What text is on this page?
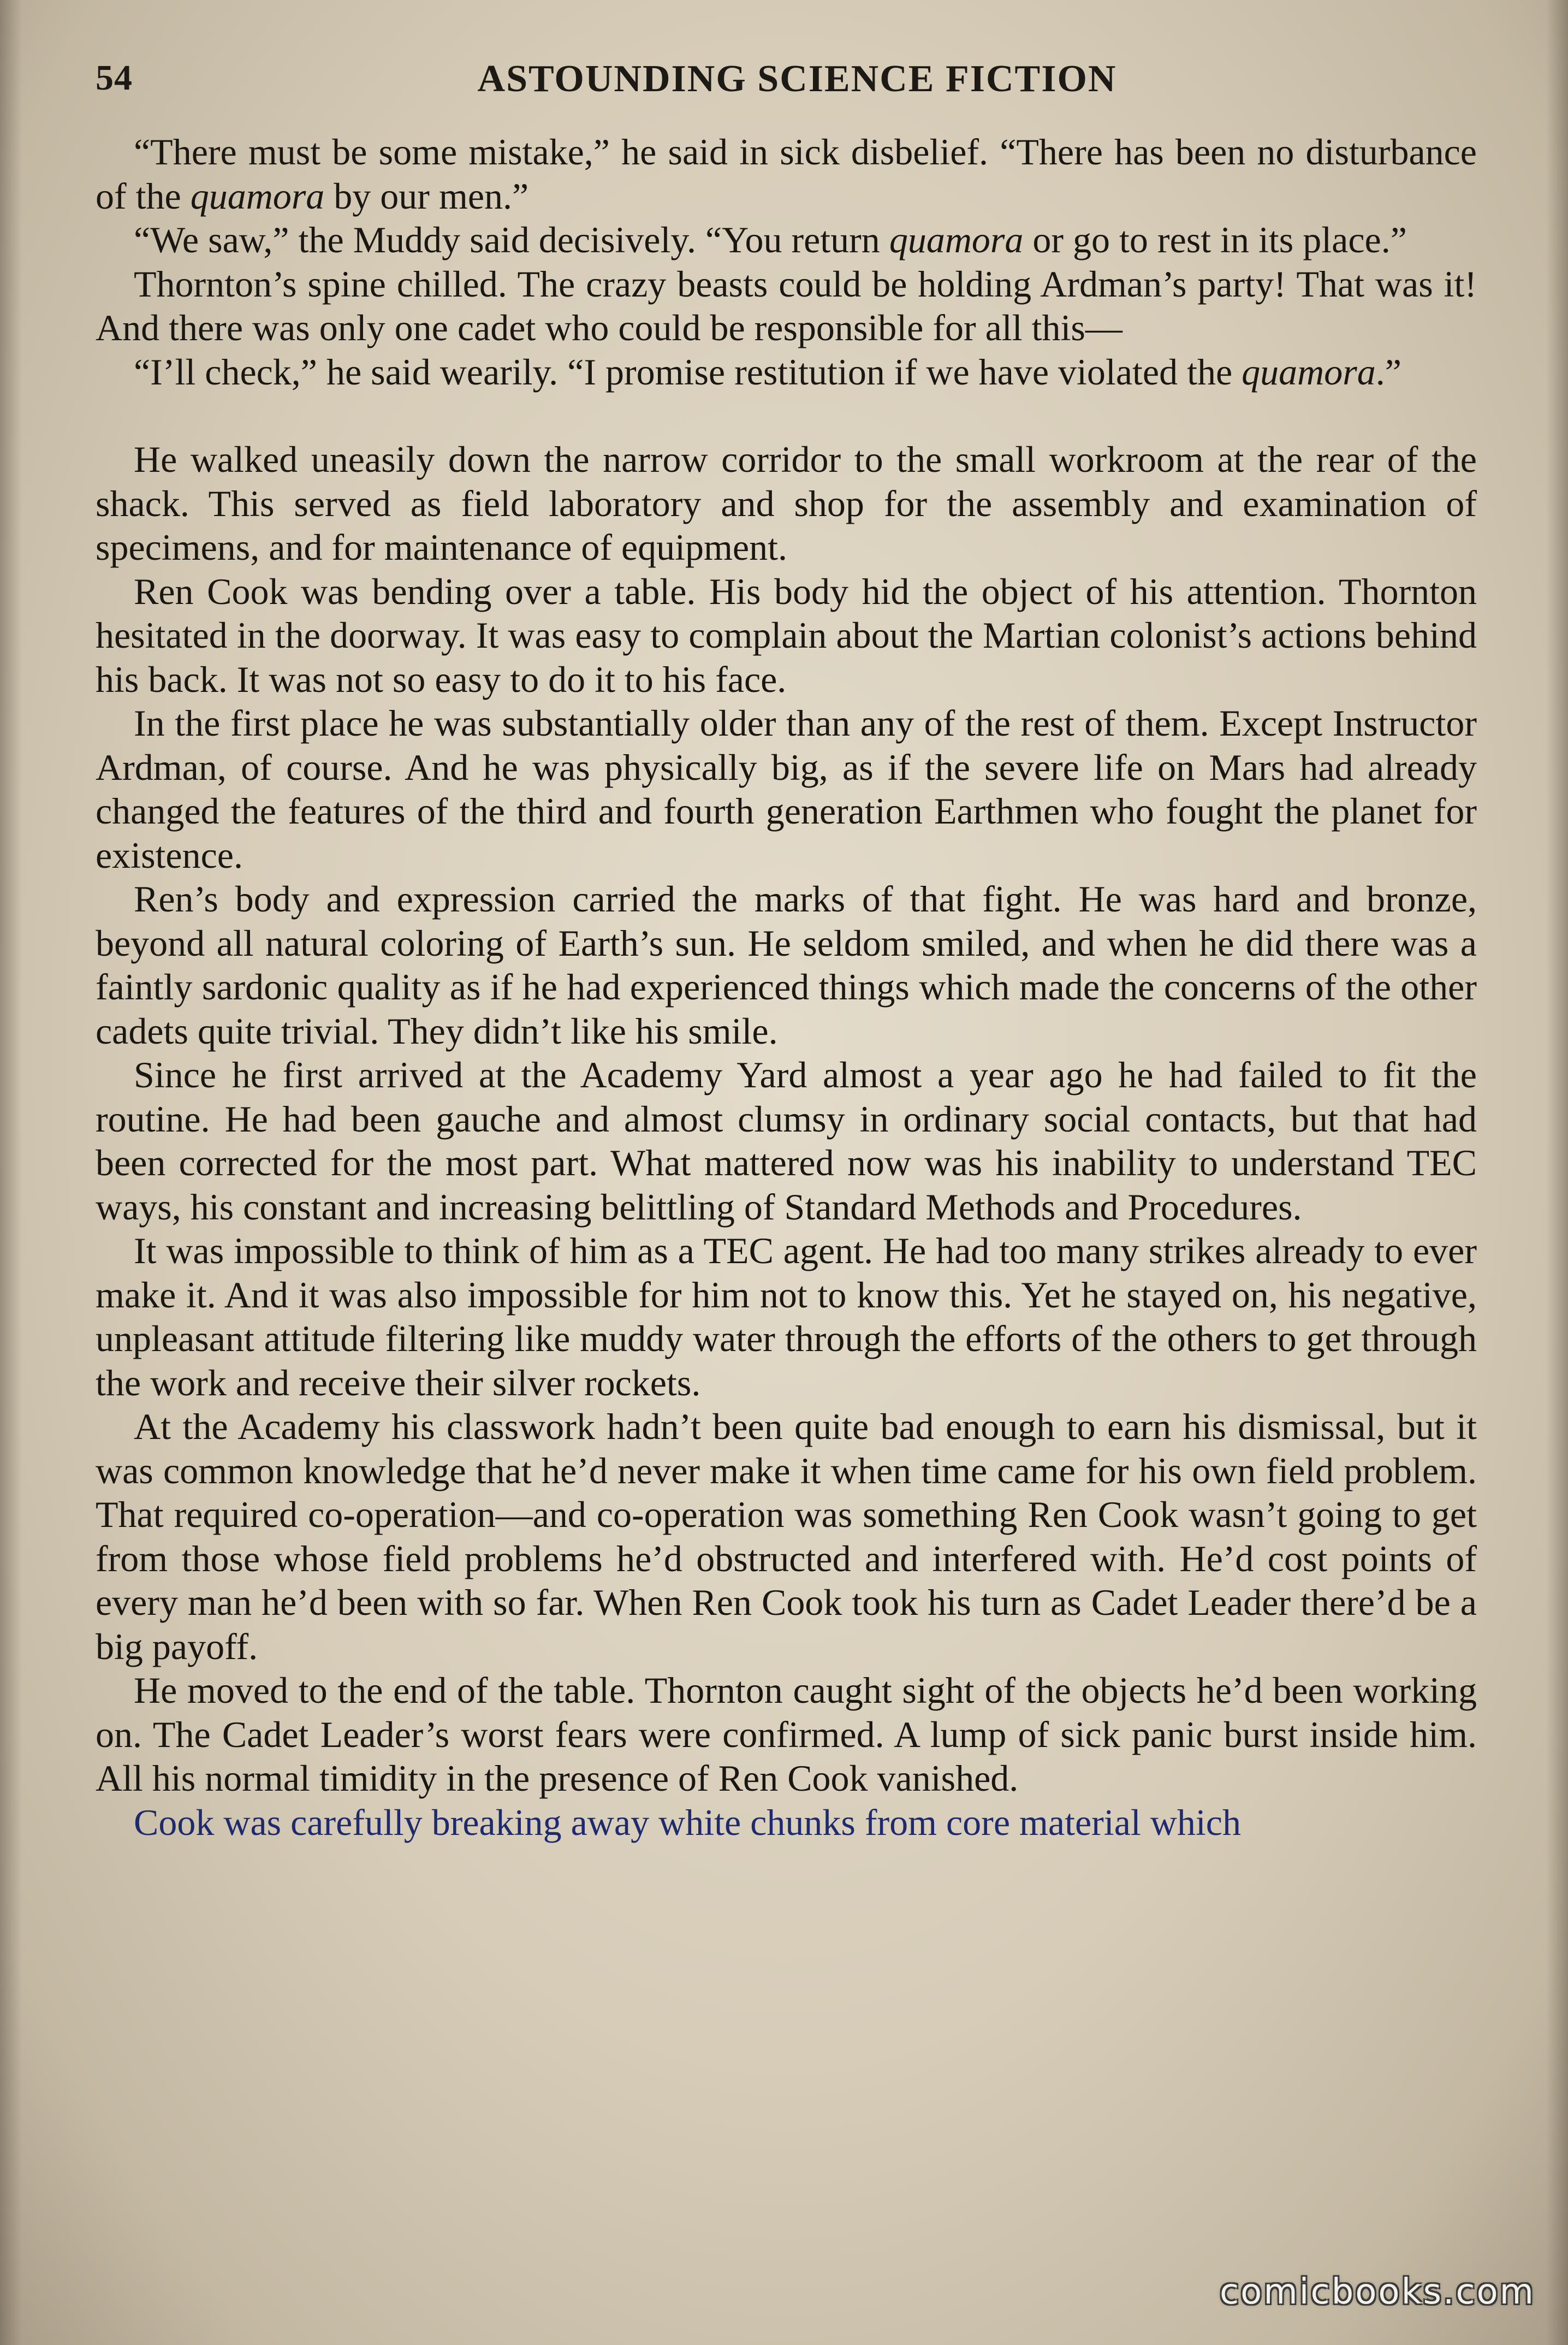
54	ASTOUNDING SCIENCE FICTION

“There must be some mistake,” he said in sick disbelief. “There has been no disturbance of the quamora by our men.”

“We saw,” the Muddy said decisively. “You return quamora or go to rest in its place.”

Thornton’s spine chilled. The crazy beasts could be holding Ardman’s party! That was it! And there was only one cadet who could be responsible for all this—

“I’ll check,” he said wearily. “I promise restitution if we have violated the quamora.”

He walked uneasily down the narrow corridor to the small workroom at the rear of the shack. This served as field laboratory and shop for the assembly and examination of specimens, and for maintenance of equipment.

Ren Cook was bending over a table. His body hid the object of his attention. Thornton hesitated in the doorway. It was easy to complain about the Martian colonist’s actions behind his back. It was not so easy to do it to his face.

In the first place he was substantially older than any of the rest of them. Except Instructor Ardman, of course. And he was physically big, as if the severe life on Mars had already changed the features of the third and fourth generation Earthmen who fought the planet for existence.

Ren’s body and expression carried the marks of that fight. He was hard and bronze, beyond all natural coloring of Earth’s sun. He seldom smiled, and when he did there was a faintly sardonic quality as if he had experienced things which made the concerns of the other cadets quite trivial. They didn’t like his smile.

Since he first arrived at the Academy Yard almost a year ago he had failed to fit the routine. He had been gauche and almost clumsy in ordinary social contacts, but that had been corrected for the most part. What mattered now was his inability to understand TEC ways, his constant and increasing belittling of Standard Methods and Procedures.

It was impossible to think of him as a TEC agent. He had too many strikes already to ever make it. And it was also impossible for him not to know this. Yet he stayed on, his negative, unpleasant attitude filtering like muddy water through the efforts of the others to get through the work and receive their silver rockets.

At the Academy his classwork hadn’t been quite bad enough to earn his dismissal, but it was common knowledge that he’d never make it when time came for his own field problem. That required co-operation—and co-operation was something Ren Cook wasn’t going to get from those whose field problems he’d obstructed and interfered with. He’d cost points of every man he’d been with so far. When Ren Cook took his turn as Cadet Leader there’d be a big payoff.

He moved to the end of the table. Thornton caught sight of the objects he’d been working on. The Cadet Leader’s worst fears were confirmed. A lump of sick panic burst inside him. All his normal timidity in the presence of Ren Cook vanished.

Cook was carefully breaking away white chunks from core material which

comicbooks.com
